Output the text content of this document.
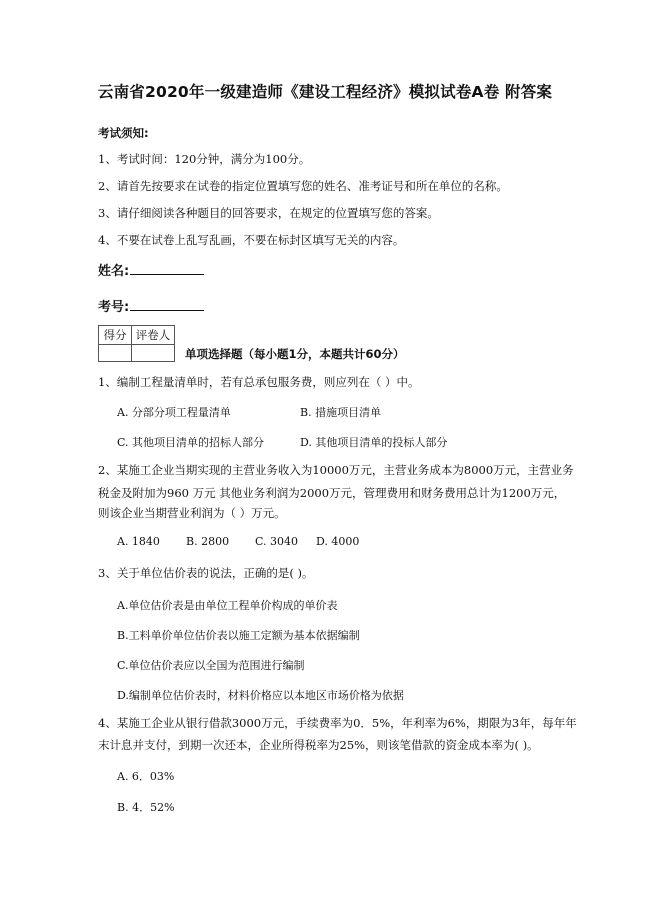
云南省2020年一级建造师《建设工程经济》模拟试卷A卷 附答案
考试须知:
1、考试时间：120分钟，满分为100分。
2、请首先按要求在试卷的指定位置填写您的姓名、准考证号和所在单位的名称。
3、请仔细阅读各种题目的回答要求，在规定的位置填写您的答案。
4、不要在试卷上乱写乱画，不要在标封区填写无关的内容。
姓名:
考号:
得分	评卷人

单项选择题（每小题1分，本题共计60分）
1、编制工程量清单时，若有总承包服务费，则应列在（ ）中。
A. 分部分项工程量清单	B. 措施项目清单
C. 其他项目清单的招标人部分	D. 其他项目清单的投标人部分
2、某施工企业当期实现的主营业务收入为10000万元，主营业务成本为8000万元，主营业务
税金及附加为960 万元 其他业务利润为2000万元，管理费用和财务费用总计为1200万元，
则该企业当期营业利润为（ ）万元。
A. 1840 B. 2800 C. 3040 D. 4000
3、关于单位估价表的说法，正确的是( )。
A.单位估价表是由单位工程单价构成的单价表
B.工料单价单位估价表以施工定额为基本依据编制
C.单位估价表应以全国为范围进行编制
D.编制单位估价表时，材料价格应以本地区市场价格为依据
4、某施工企业从银行借款3000万元，手续费率为0．5%，年利率为6%，期限为3年，每年年
末计息并支付，到期一次还本，企业所得税率为25%，则该笔借款的资金成本率为( )。
A. 6．03%
B. 4．52%
